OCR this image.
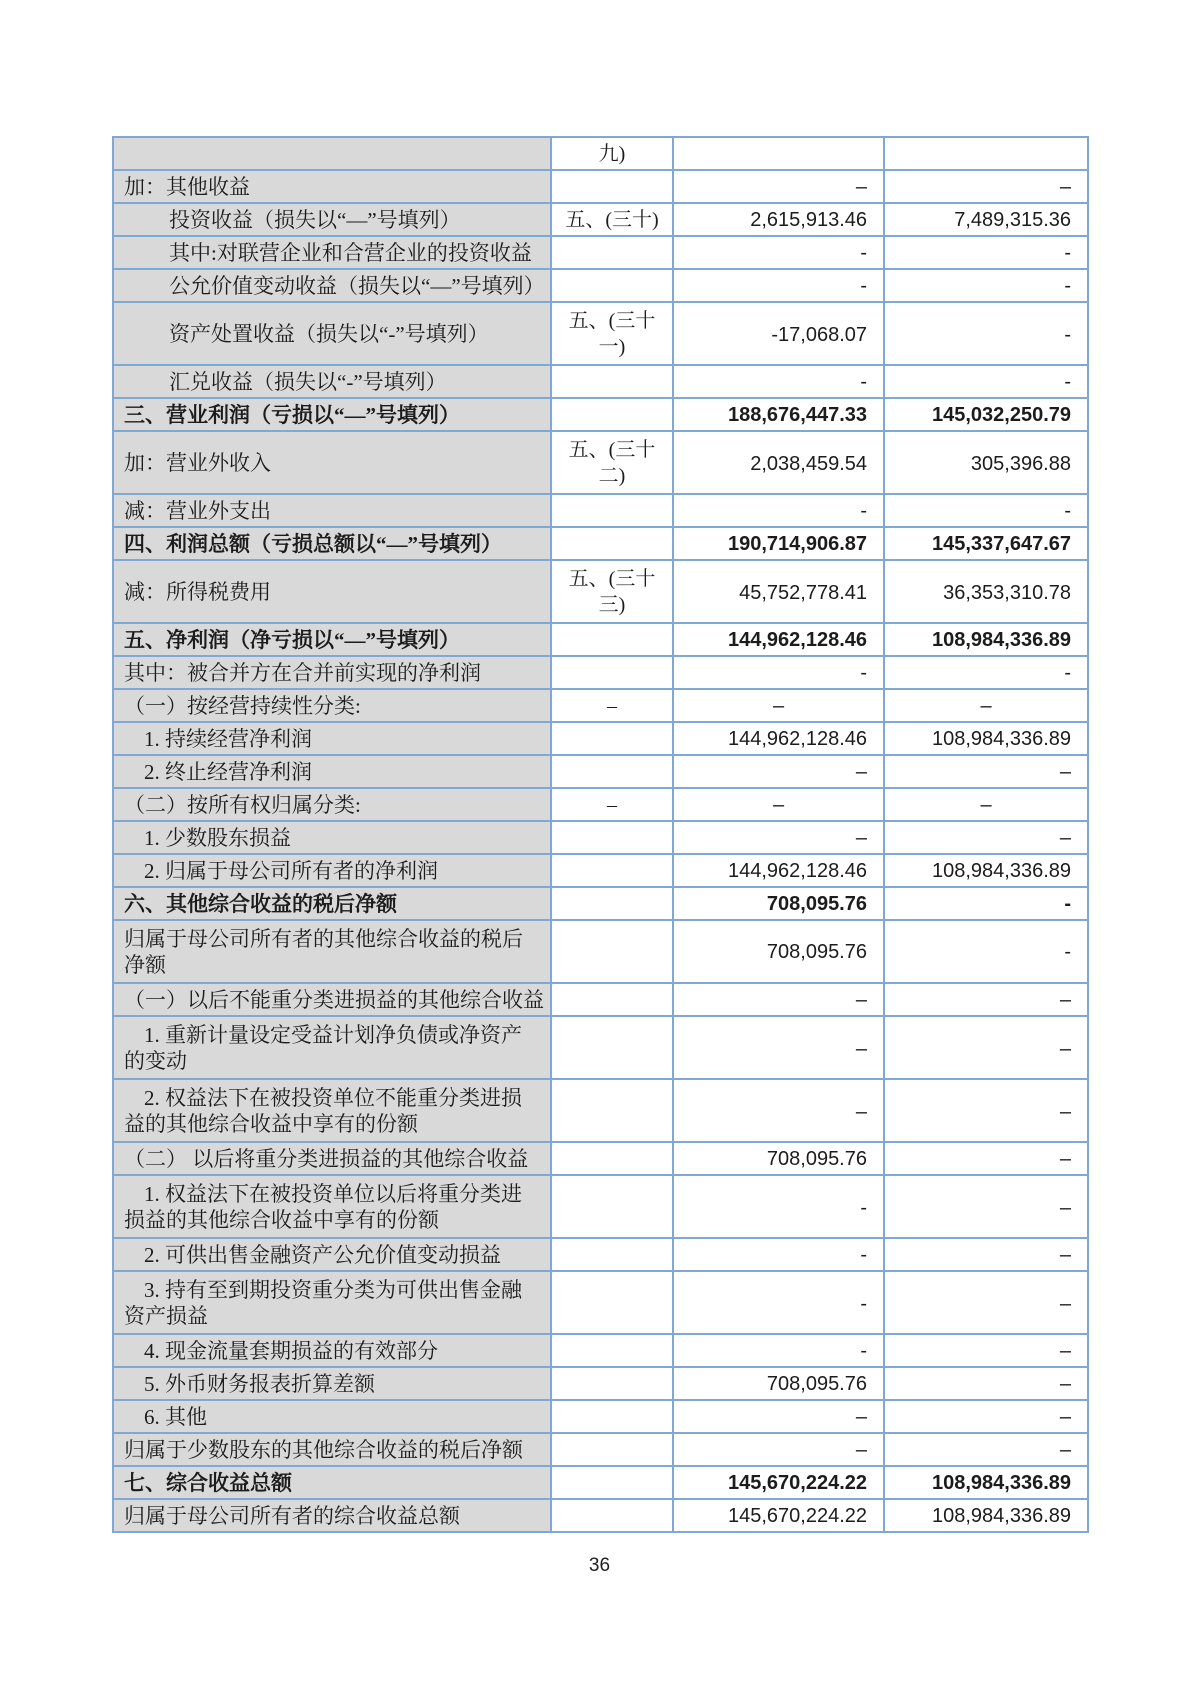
	九)		
加：其他收益		–	–
投资收益（损失以“—”号填列）	五、(三十)	2,615,913.46	7,489,315.36
其中:对联营企业和合营企业的投资收益		-	-
公允价值变动收益（损失以“—”号填列）		-	-
资产处置收益（损失以“-”号填列）	五、(三十一)	-17,068.07	-
汇兑收益（损失以“-”号填列）		-	-
三、营业利润（亏损以“—”号填列）		188,676,447.33	145,032,250.79
加：营业外收入	五、(三十二)	2,038,459.54	305,396.88
减：营业外支出		-	-
四、利润总额（亏损总额以“—”号填列）		190,714,906.87	145,337,647.67
减：所得税费用	五、(三十三)	45,752,778.41	36,353,310.78
五、净利润（净亏损以“—”号填列）		144,962,128.46	108,984,336.89
其中：被合并方在合并前实现的净利润		-	-
（一）按经营持续性分类:	–	–	–
1. 持续经营净利润		144,962,128.46	108,984,336.89
2. 终止经营净利润		–	–
（二）按所有权归属分类:	–	–	–
1. 少数股东损益		–	–
2. 归属于母公司所有者的净利润		144,962,128.46	108,984,336.89
六、其他综合收益的税后净额		708,095.76	-
归属于母公司所有者的其他综合收益的税后净额		708,095.76	-
（一）以后不能重分类进损益的其他综合收益		–	–
1. 重新计量设定受益计划净负债或净资产的变动		–	–
2. 权益法下在被投资单位不能重分类进损益的其他综合收益中享有的份额		–	–
（二） 以后将重分类进损益的其他综合收益		708,095.76	–
1. 权益法下在被投资单位以后将重分类进损益的其他综合收益中享有的份额		-	–
2. 可供出售金融资产公允价值变动损益		-	–
3. 持有至到期投资重分类为可供出售金融资产损益		-	–
4. 现金流量套期损益的有效部分		-	–
5. 外币财务报表折算差额		708,095.76	–
6. 其他		–	–
归属于少数股东的其他综合收益的税后净额		–	–
七、综合收益总额		145,670,224.22	108,984,336.89
归属于母公司所有者的综合收益总额		145,670,224.22	108,984,336.89
36
